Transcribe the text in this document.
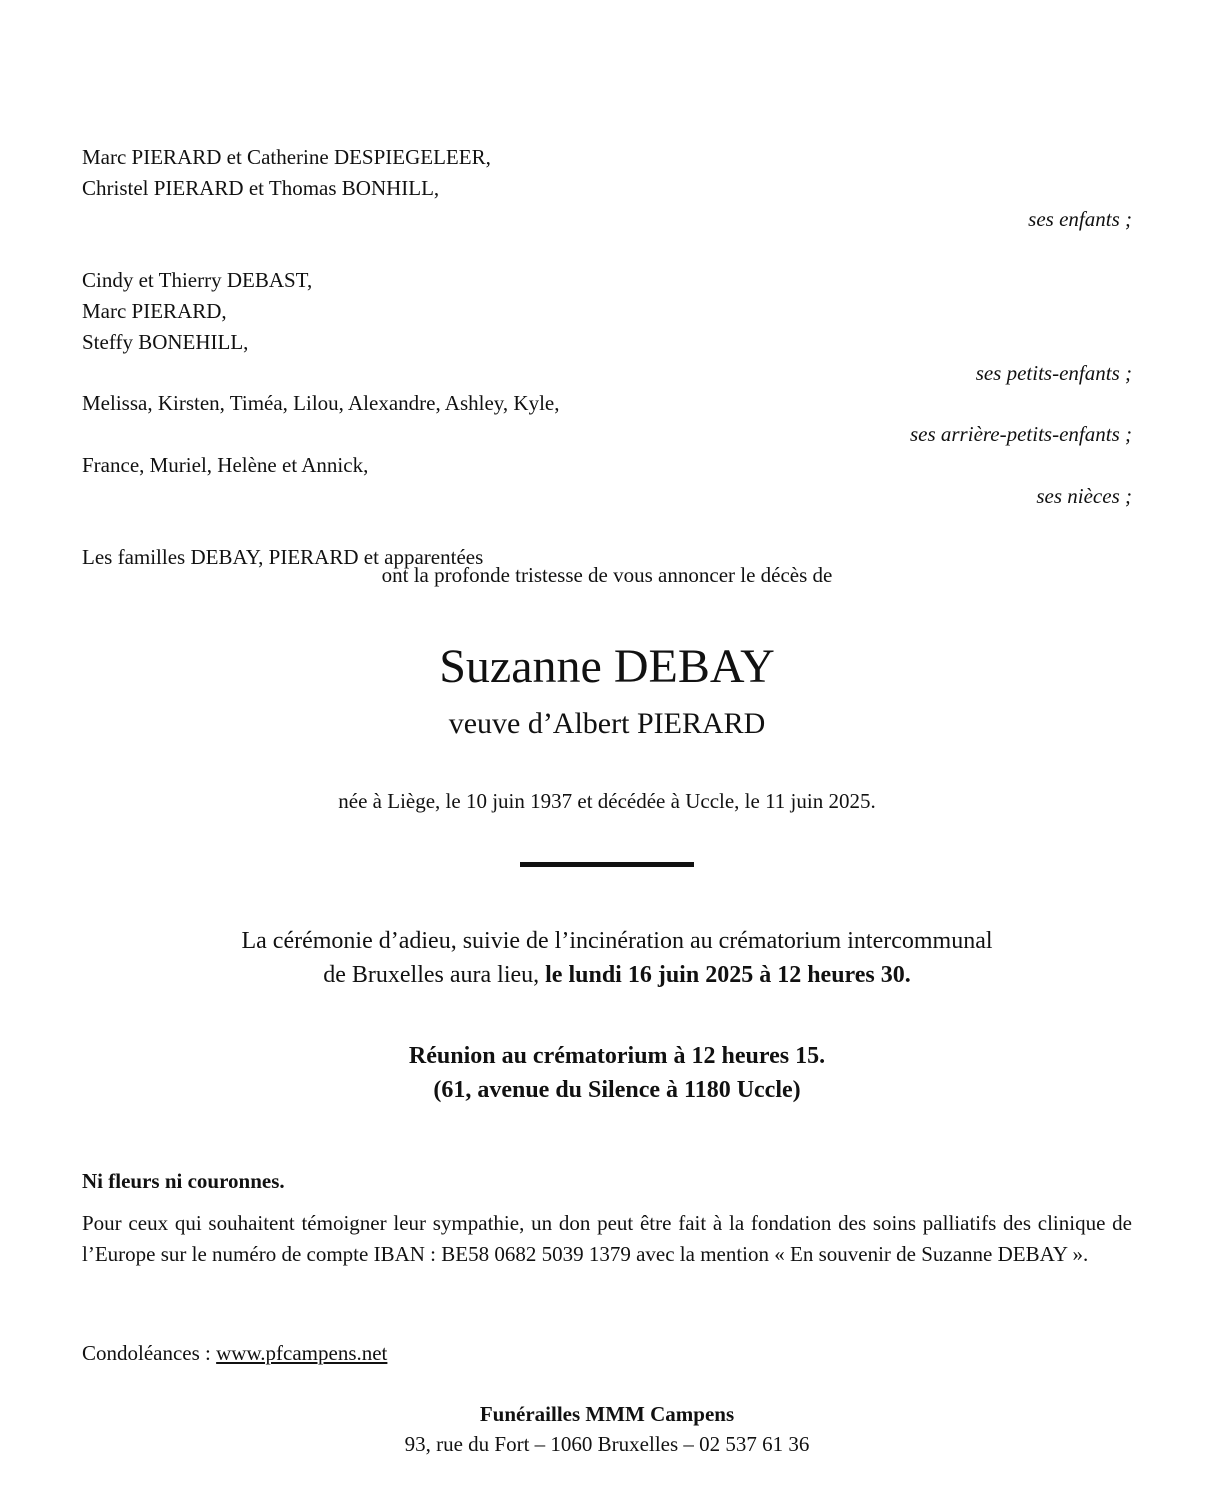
Marc PIERARD et Catherine DESPIEGELEER,

Christel PIERARD et Thomas BONHILL,

ses enfants ;

Cindy et Thierry DEBAST,

Marc PIERARD,

Steffy BONEHILL,

ses petits-enfants ;

Melissa, Kirsten, Timéa, Lilou, Alexandre, Ashley, Kyle,

ses arrière-petits-enfants ;

France, Muriel, Helène et Annick,

ses nièces ;

Les familles DEBAY, PIERARD et apparentées

ont la profonde tristesse de vous annoncer le décès de

Suzanne DEBAY

veuve d’Albert PIERARD

née à Liège, le 10 juin 1937 et décédée à Uccle, le 11 juin 2025.

La cérémonie d’adieu, suivie de l’incinération au crématorium intercommunal
de Bruxelles aura lieu, le lundi 16 juin 2025 à 12 heures 30.

Réunion au crématorium à 12 heures 15.
(61, avenue du Silence à 1180 Uccle)

Ni fleurs ni couronnes.

Pour ceux qui souhaitent témoigner leur sympathie, un don peut être fait à la fondation des soins palliatifs des clinique de l’Europe sur le numéro de compte IBAN : BE58 0682 5039 1379 avec la mention « En souvenir de Suzanne DEBAY ».

Condoléances : www.pfcampens.net

Funérailles MMM Campens

93, rue du Fort – 1060 Bruxelles – 02 537 61 36
